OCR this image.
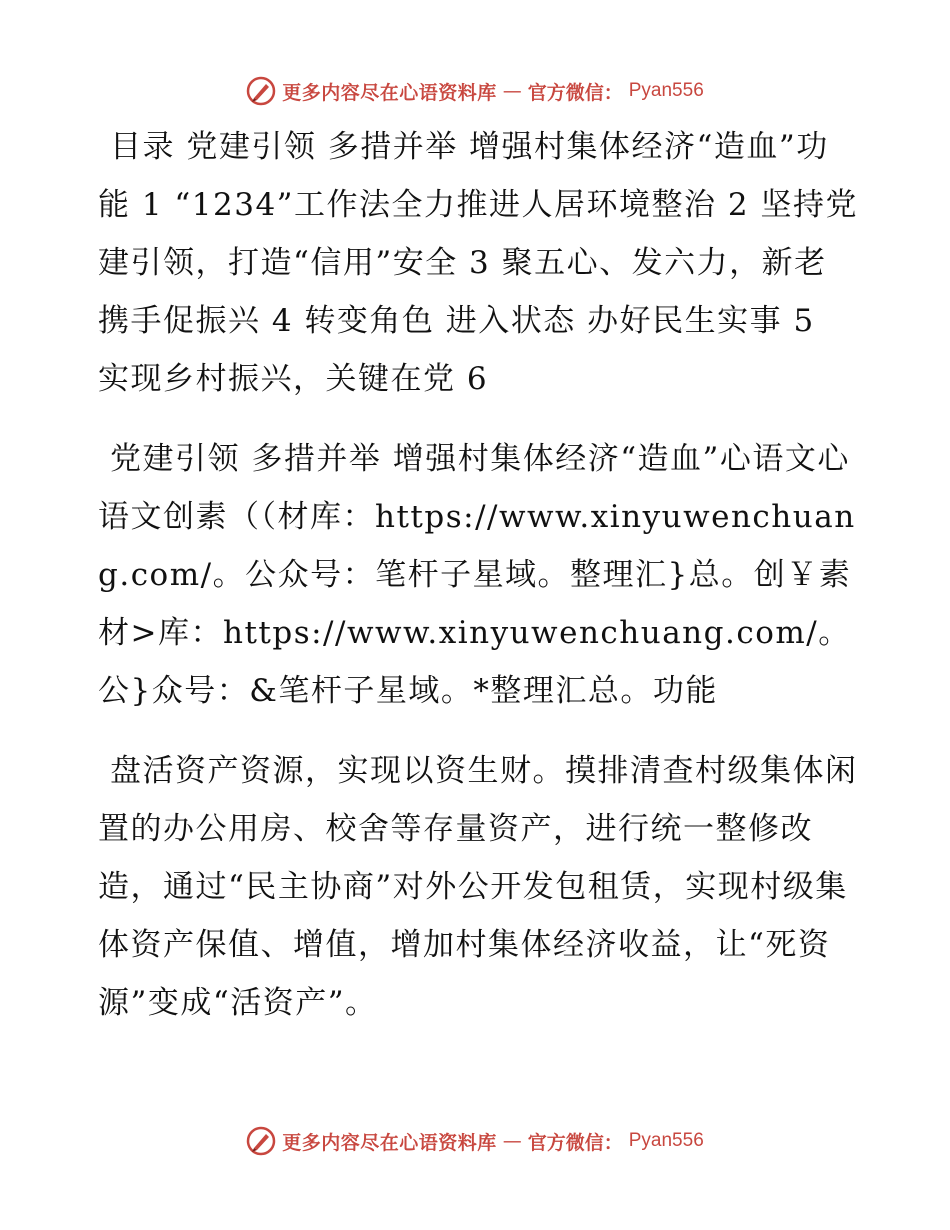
更多内容尽在心语资料库 — 官方微信： Pyan556

目录 党建引领 多措并举 增强村集体经济“造血”功能 1 “1234”工作法全力推进人居环境整治 2 坚持党建引领，打造“信用”安全 3 聚五心、发六力，新老携手促振兴 4 转变角色 进入状态 办好民生实事 5 实现乡村振兴，关键在党 6

党建引领 多措并举 增强村集体经济“造血”心语文心语文创素（（材库：https://www.xinyuwenchuang.com/。公众号：笔杆子星域。整理汇}总。创￥素材>库：https://www.xinyuwenchuang.com/。公}众号：&笔杆子星域。*整理汇总。功能

盘活资产资源，实现以资生财。摸排清查村级集体闲置的办公用房、校舍等存量资产，进行统一整修改造，通过“民主协商”对外公开发包租赁，实现村级集体资产保值、增值，增加村集体经济收益，让“死资源”变成“活资产”。

更多内容尽在心语资料库 — 官方微信： Pyan556
